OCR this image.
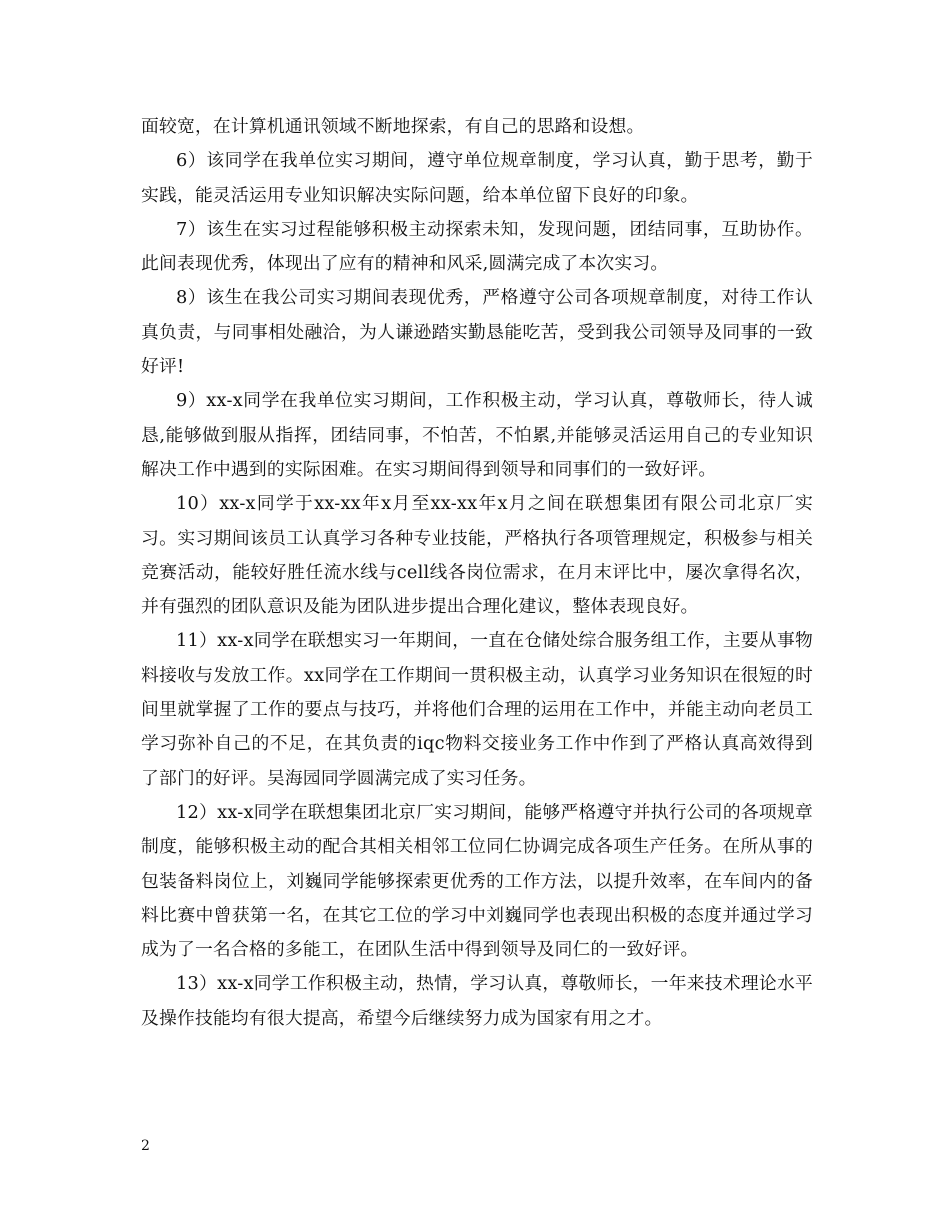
面较宽，在计算机通讯领域不断地探索，有自己的思路和设想。

6）该同学在我单位实习期间，遵守单位规章制度，学习认真，勤于思考，勤于实践，能灵活运用专业知识解决实际问题，给本单位留下良好的印象。

7）该生在实习过程能够积极主动探索未知，发现问题，团结同事，互助协作。此间表现优秀，体现出了应有的精神和风采,圆满完成了本次实习。

8）该生在我公司实习期间表现优秀，严格遵守公司各项规章制度，对待工作认真负责，与同事相处融洽，为人谦逊踏实勤恳能吃苦，受到我公司领导及同事的一致好评!

9）xx-x同学在我单位实习期间，工作积极主动，学习认真，尊敬师长，待人诚恳,能够做到服从指挥，团结同事，不怕苦，不怕累,并能够灵活运用自己的专业知识解决工作中遇到的实际困难。在实习期间得到领导和同事们的一致好评。

10）xx-x同学于xx-xx年x月至xx-xx年x月之间在联想集团有限公司北京厂实习。实习期间该员工认真学习各种专业技能，严格执行各项管理规定，积极参与相关竞赛活动，能较好胜任流水线与cell线各岗位需求，在月末评比中，屡次拿得名次，并有强烈的团队意识及能为团队进步提出合理化建议，整体表现良好。

11）xx-x同学在联想实习一年期间，一直在仓储处综合服务组工作，主要从事物料接收与发放工作。xx同学在工作期间一贯积极主动，认真学习业务知识在很短的时间里就掌握了工作的要点与技巧，并将他们合理的运用在工作中，并能主动向老员工学习弥补自己的不足，在其负责的iqc物料交接业务工作中作到了严格认真高效得到了部门的好评。吴海园同学圆满完成了实习任务。

12）xx-x同学在联想集团北京厂实习期间，能够严格遵守并执行公司的各项规章制度，能够积极主动的配合其相关相邻工位同仁协调完成各项生产任务。在所从事的包装备料岗位上，刘巍同学能够探索更优秀的工作方法，以提升效率，在车间内的备料比赛中曾获第一名，在其它工位的学习中刘巍同学也表现出积极的态度并通过学习成为了一名合格的多能工，在团队生活中得到领导及同仁的一致好评。

13）xx-x同学工作积极主动，热情，学习认真，尊敬师长，一年来技术理论水平及操作技能均有很大提高，希望今后继续努力成为国家有用之才。

2
